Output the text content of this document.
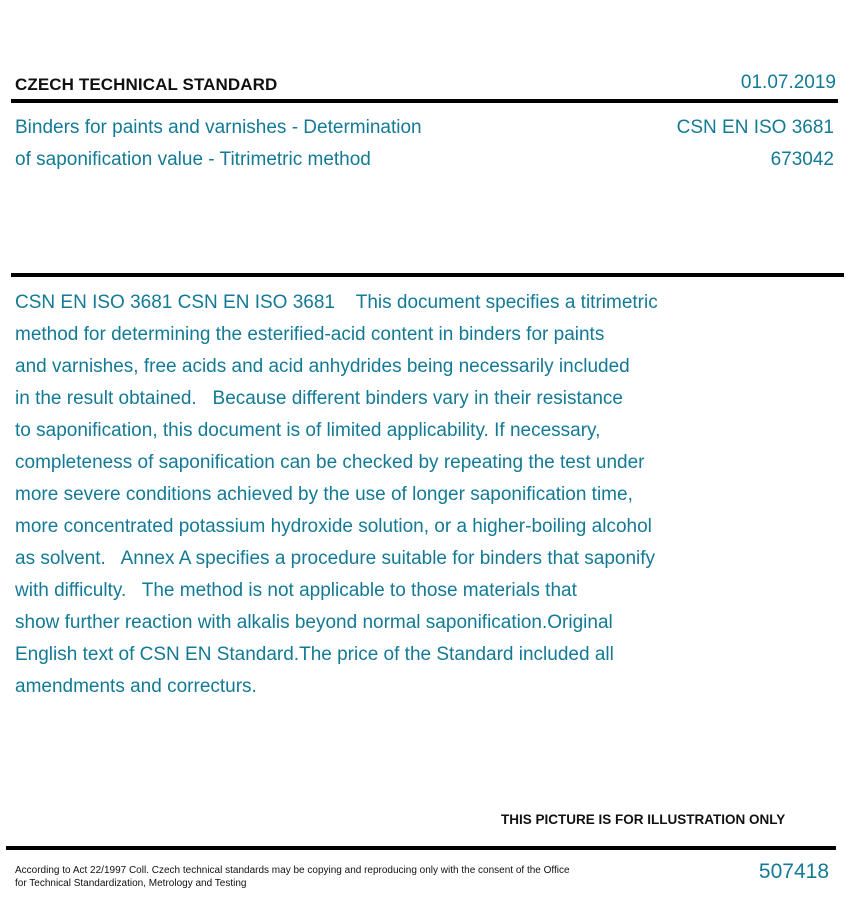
CZECH TECHNICAL STANDARD	01.07.2019
Binders for paints and varnishes - Determination
of saponification value - Titrimetric method
CSN EN ISO 3681
673042
CSN EN ISO 3681 CSN EN ISO 3681    This document specifies a titrimetric
method for determining the esterified-acid content in binders for paints
and varnishes, free acids and acid anhydrides being necessarily included
in the result obtained.   Because different binders vary in their resistance
to saponification, this document is of limited applicability. If necessary,
completeness of saponification can be checked by repeating the test under
more severe conditions achieved by the use of longer saponification time,
more concentrated potassium hydroxide solution, or a higher-boiling alcohol
as solvent.   Annex A specifies a procedure suitable for binders that saponify
with difficulty.   The method is not applicable to those materials that
show further reaction with alkalis beyond normal saponification.Original
English text of CSN EN Standard.The price of the Standard included all
amendments and correcturs.
THIS PICTURE IS FOR ILLUSTRATION ONLY
According to Act 22/1997 Coll. Czech technical standards may be copying and reproducing only with the consent of the Office
for Technical Standardization, Metrology and Testing
507418
